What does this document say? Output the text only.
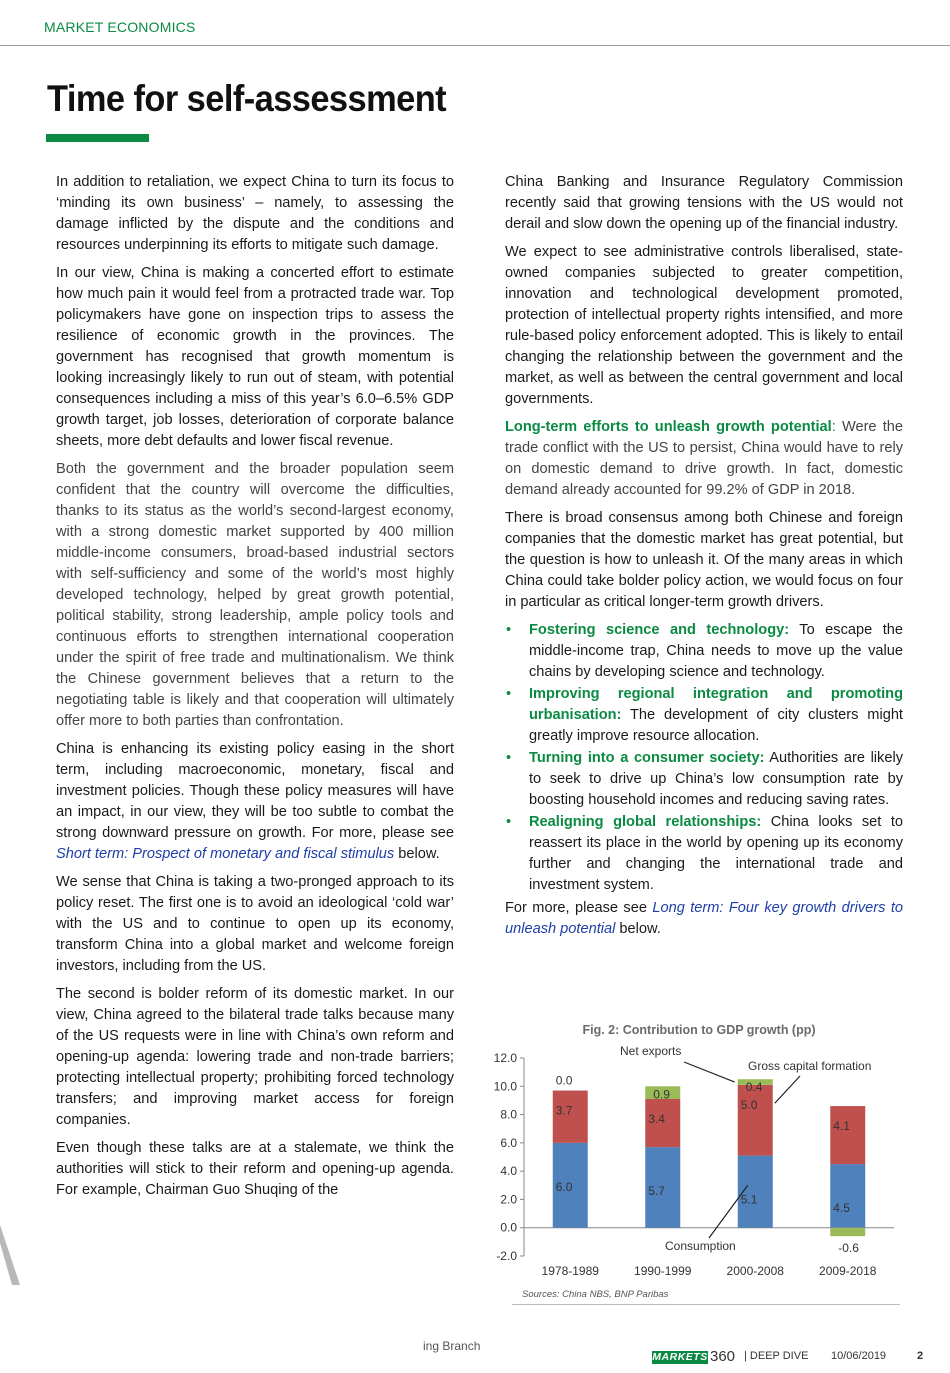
MARKET ECONOMICS
Time for self-assessment

In addition to retaliation, we expect China to turn its focus to ‘minding its own business’ – namely, to assessing the damage inflicted by the dispute and the conditions and resources underpinning its efforts to mitigate such damage.

In our view, China is making a concerted effort to estimate how much pain it would feel from a protracted trade war. Top policymakers have gone on inspection trips to assess the resilience of economic growth in the provinces. The government has recognised that growth momentum is looking increasingly likely to run out of steam, with potential consequences including a miss of this year’s 6.0–6.5% GDP growth target, job losses, deterioration of corporate balance sheets, more debt defaults and lower fiscal revenue.

Both the government and the broader population seem confident that the country will overcome the difficulties, thanks to its status as the world’s second-largest economy, with a strong domestic market supported by 400 million middle-income consumers, broad-based industrial sectors with self-sufficiency and some of the world’s most highly developed technology, helped by great growth potential, political stability, strong leadership, ample policy tools and continuous efforts to strengthen international cooperation under the spirit of free trade and multinationalism. We think the Chinese government believes that a return to the negotiating table is likely and that cooperation will ultimately offer more to both parties than confrontation.

China is enhancing its existing policy easing in the short term, including macroeconomic, monetary, fiscal and investment policies. Though these policy measures will have an impact, in our view, they will be too subtle to combat the strong downward pressure on growth. For more, please see Short term: Prospect of monetary and fiscal stimulus below.

We sense that China is taking a two-pronged approach to its policy reset. The first one is to avoid an ideological ‘cold war’ with the US and to continue to open up its economy, transform China into a global market and welcome foreign investors, including from the US.

The second is bolder reform of its domestic market. In our view, China agreed to the bilateral trade talks because many of the US requests were in line with China’s own reform and opening-up agenda: lowering trade and non-trade barriers; protecting intellectual property; prohibiting forced technology transfers; and improving market access for foreign companies.

Even though these talks are at a stalemate, we think the authorities will stick to their reform and opening-up agenda. For example, Chairman Guo Shuqing of the

China Banking and Insurance Regulatory Commission recently said that growing tensions with the US would not derail and slow down the opening up of the financial industry.

We expect to see administrative controls liberalised, state-owned companies subjected to greater competition, innovation and technological development promoted, protection of intellectual property rights intensified, and more rule-based policy enforcement adopted. This is likely to entail changing the relationship between the government and the market, as well as between the central government and local governments.

Long-term efforts to unleash growth potential: Were the trade conflict with the US to persist, China would have to rely on domestic demand to drive growth. In fact, domestic demand already accounted for 99.2% of GDP in 2018.

There is broad consensus among both Chinese and foreign companies that the domestic market has great potential, but the question is how to unleash it. Of the many areas in which China could take bolder policy action, we would focus on four in particular as critical longer-term growth drivers.

• Fostering science and technology: To escape the middle-income trap, China needs to move up the value chains by developing science and technology.
• Improving regional integration and promoting urbanisation: The development of city clusters might greatly improve resource allocation.
• Turning into a consumer society: Authorities are likely to seek to drive up China’s low consumption rate by boosting household incomes and reducing saving rates.
• Realigning global relationships: China looks set to reassert its place in the world by opening up its economy further and changing the international trade and investment system.

For more, please see Long term: Four key growth drivers to unleash potential below.

Fig. 2: Contribution to GDP growth (pp)
-2.0
0.0
2.0
4.0
6.0
8.0
10.0
12.0
6.0
3.7
0.0
1978-1989
5.7
3.4
0.9
1990-1999
5.1
5.0
0.4
2000-2008
4.5
4.1
-0.6
2009-2018
Net exports
Gross capital formation
Consumption
Sources: China NBS, BNP Paribas
ing Branch
MARKETS 360 | DEEP DIVE 10/06/2019	2
